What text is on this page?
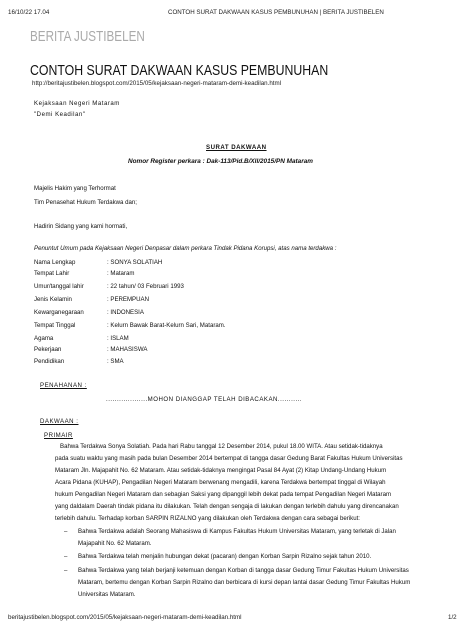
16/10/22 17.04	CONTOH SURAT DAKWAAN KASUS PEMBUNUHAN | BERITA JUSTIBELEN
BERITA JUSTIBELEN
CONTOH SURAT DAKWAAN KASUS PEMBUNUHAN
http://beritajustibelen.blogspot.com/2015/05/kejaksaan-negeri-mataram-demi-keadilan.html
Kejaksaan Negeri Mataram
"Demi Keadilan"
SURAT DAKWAAN
Nomor Register perkara : Dak-113/Pid.B/XII/2015/PN Mataram
Majelis Hakim yang Terhormat
Tim Penasehat Hukum Terdakwa dan;
Hadirin Sidang yang kami hormati,
Penuntut Umum pada Kejaksaan Negeri Denpasar dalam perkara Tindak Pidana Korupsi, atas nama terdakwa :
Nama Lengkap	: SONYA SOLATIAH
Tempat Lahir	: Mataram
Umur/tanggal lahir	: 22 tahun/ 03 Februari 1993
Jenis Kelamin	: PEREMPUAN
Kewarganegaraan	: INDONESIA
Tempat Tinggal	: Kelurn Bawak Barat-Kelurn Sari, Mataram.
Agama	: ISLAM
Pekerjaan	: MAHASISWA
Pendidikan	: SMA
PENAHANAN :
...................MOHON DIANGGAP TELAH DIBACAKAN...........
DAKWAAN :
PRIMAIR
Bahwa Terdakwa Sonya Solatiah. Pada hari Rabu tanggal 12 Desember 2014, pukul 18.00 WITA. Atau setidak-tidaknya
pada suatu waktu yang masih pada bulan Desember 2014 bertempat di tangga dasar Gedung Barat Fakultas Hukum Universitas
Mataram Jln. Majapahit No. 62 Mataram. Atau setidak-tidaknya mengingat Pasal 84 Ayat (2) Kitap Undang-Undang Hukum
Acara Pidana (KUHAP), Pengadilan Negeri Mataram berwenang mengadili, karena Terdakwa bertempat tinggal di Wilayah
hukum Pengadilan Negeri Mataram dan sebagian Saksi yang dipanggil lebih dekat pada tempat Pengadilan Negeri Mataram
yang daldalam Daerah tindak pidana itu dilakukan. Telah dengan sengaja di lakukan dengan terlebih dahulu yang direncanakan
terlebih dahulu. Terhadap korban SARPIN RIZALNO yang dilakukan oleh Terdakwa dengan cara sebagai berikut:
– Bahwa Terdakwa adalah Seorang Mahasiswa di Kampus Fakultas Hukum Universitas Mataram, yang terletak di Jalan
Majapahit No. 62 Mataram.
– Bahwa Terdakwa telah menjalin hubungan dekat (pacaran) dengan Korban Sarpin Rizalno sejak tahun 2010.
– Bahwa Terdakwa yang telah berjanji ketemuan dengan Korban di tangga dasar Gedung Timur Fakultas Hukum Universitas
Mataram, bertemu dengan Korban Sarpin Rizalno dan berbicara di kursi depan lantai dasar Gedung Timur Fakultas Hukum
Universitas Mataram.
beritajustibelen.blogspot.com/2015/05/kejaksaan-negeri-mataram-demi-keadilan.html	1/2
